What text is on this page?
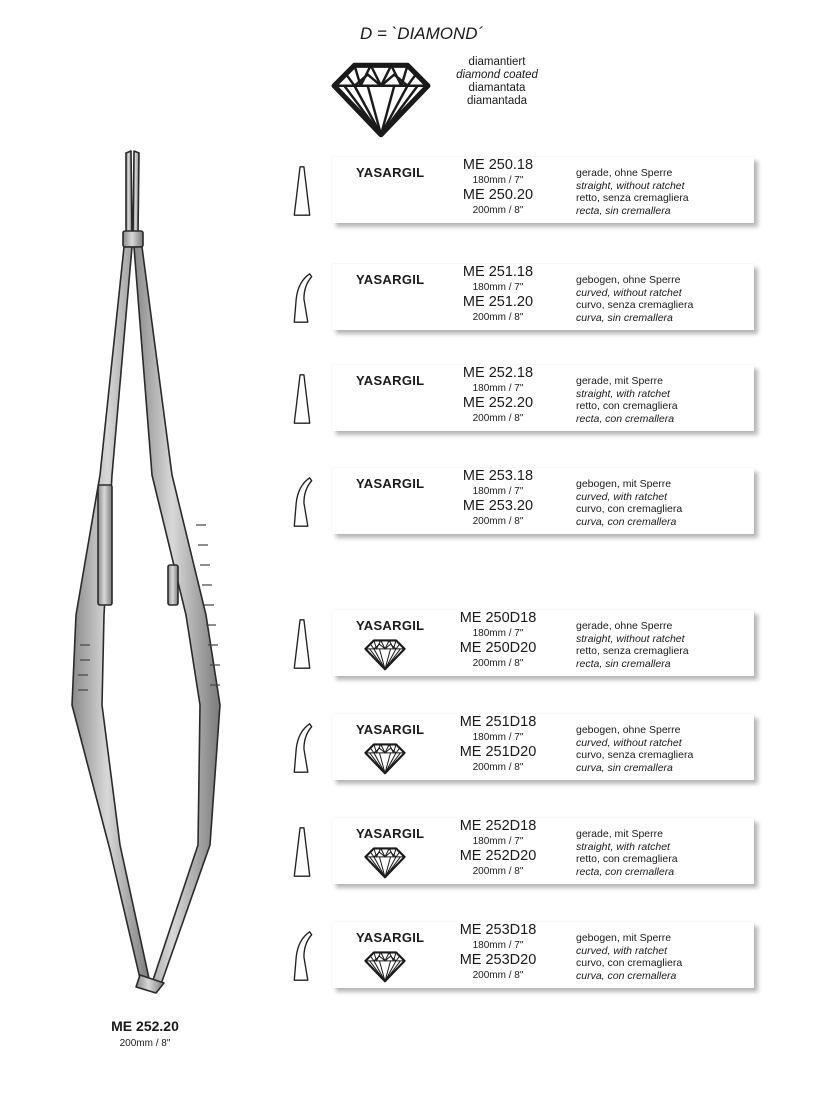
D = `DIAMOND´
diamantiert
diamond coated
diamantata
diamantada
ME 252.20
200mm / 8"
YASARGIL	ME 250.18
180mm / 7"
ME 250.20
200mm / 8"
gerade, ohne Sperre
straight, without ratchet
retto, senza cremagliera
recta, sin cremallera
YASARGIL	ME 251.18
180mm / 7"
ME 251.20
200mm / 8"
gebogen, ohne Sperre
curved, without ratchet
curvo, senza cremagliera
curva, sin cremallera
YASARGIL	ME 252.18
180mm / 7"
ME 252.20
200mm / 8"
gerade, mit Sperre
straight, with ratchet
retto, con cremagliera
recta, con cremallera
YASARGIL	ME 253.18
180mm / 7"
ME 253.20
200mm / 8"
gebogen, mit Sperre
curved, with ratchet
curvo, con cremagliera
curva, con cremallera
YASARGIL	ME 250D18
180mm / 7"
ME 250D20
200mm / 8"
gerade, ohne Sperre
straight, without ratchet
retto, senza cremagliera
recta, sin cremallera
YASARGIL	ME 251D18
180mm / 7"
ME 251D20
200mm / 8"
gebogen, ohne Sperre
curved, without ratchet
curvo, senza cremagliera
curva, sin cremallera
YASARGIL	ME 252D18
180mm / 7"
ME 252D20
200mm / 8"
gerade, mit Sperre
straight, with ratchet
retto, con cremagliera
recta, con cremallera
YASARGIL	ME 253D18
180mm / 7"
ME 253D20
200mm / 8"
gebogen, mit Sperre
curved, with ratchet
curvo, con cremagliera
curva, con cremallera
